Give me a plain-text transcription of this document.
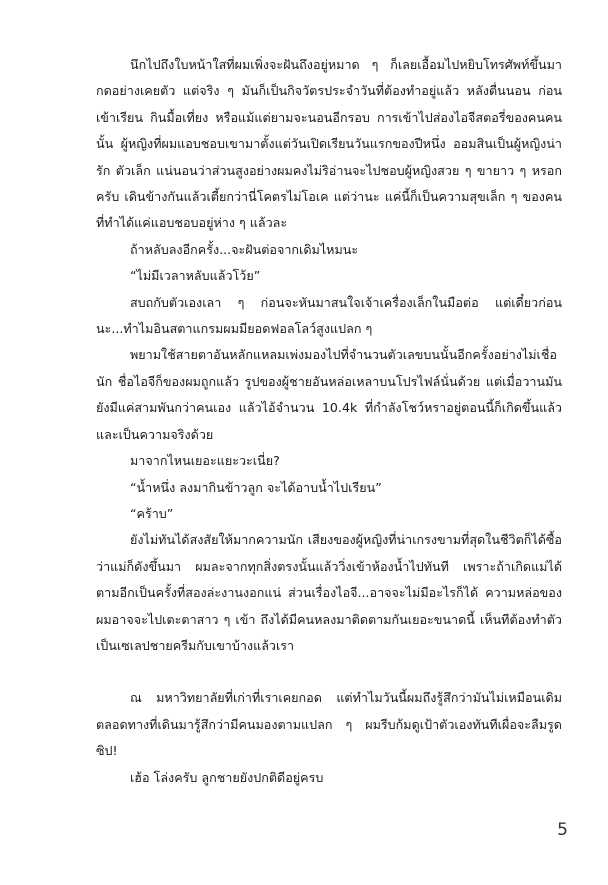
นึกไปถึงใบหน้าใสที่ผมเพิ่งจะฝันถึงอยู่หมาด ๆ ก็เลยเอื้อมไปหยิบโทรศัพท์ขึ้นมากดอย่างเคยตัว แต่จริง ๆ มันก็เป็นกิจวัตรประจำวันที่ต้องทำอยู่แล้ว หลังตื่นนอน ก่อนเข้าเรียน กินมื้อเที่ยง หรือแม้แต่ยามจะนอนอีกรอบ การเข้าไปส่องไอจีสตอรี่ของคนคนนั้น ผู้หญิงที่ผมแอบชอบเขามาตั้งแต่วันเปิดเรียนวันแรกของปีหนึ่ง ออมสินเป็นผู้หญิงน่ารัก ตัวเล็ก แน่นอนว่าส่วนสูงอย่างผมคงไม่ริอ่านจะไปชอบผู้หญิงสวย ๆ ขายาว ๆ หรอกครับ เดินข้างกันแล้วเตี้ยกว่านี่โคตรไม่โอเค แต่ว่านะ แค่นี้ก็เป็นความสุขเล็ก ๆ ของคนที่ทำได้แค่แอบชอบอยู่ห่าง ๆ แล้วละ

ถ้าหลับลงอีกครั้ง...จะฝันต่อจากเดิมไหมนะ

“ไม่มีเวลาหลับแล้วโว้ย”

สบถกับตัวเองเลา ๆ ก่อนจะหันมาสนใจเจ้าเครื่องเล็กในมือต่อ แต่เดี๋ยวก่อนนะ...ทำไมอินสตาแกรมผมมียอดฟอลโลว์สูงแปลก ๆ

พยามใช้สายตาอันหลักแหลมเพ่งมองไปที่จำนวนตัวเลขบนนั้นอีกครั้งอย่างไม่เชื่อนัก ชื่อไอจีก็ของผมถูกแล้ว รูปของผู้ชายอันหล่อเหลาบนโปรไฟล์นั่นด้วย แต่เมื่อวานมันยังมีแค่สามพันกว่าคนเอง แล้วไอ้จำนวน 10.4k ที่กำลังโชว์หราอยู่ตอนนี้ก็เกิดขึ้นแล้วและเป็นความจริงด้วย

มาจากไหนเยอะแยะวะเนี่ย?

“น้ำหนึ่ง ลงมากินข้าวลูก จะได้อาบน้ำไปเรียน”

“คร้าบ”

ยังไม่ทันได้สงสัยให้มากความนัก เสียงของผู้หญิงที่น่าเกรงขามที่สุดในชีวิตก็ได้ซื้อว่าแม่ก็ดังขึ้นมา ผมละจากทุกสิ่งตรงนั้นแล้ววิ่งเข้าห้องน้ำไปทันที เพราะถ้าเกิดแม่ได้ตามอีกเป็นครั้งที่สองล่ะงานงอกแน่ ส่วนเรื่องไอจี...อาจจะไม่มีอะไรก็ได้ ความหล่อของผมอาจจะไปเตะตาสาว ๆ เข้า ถึงได้มีคนหลงมาติดตามกันเยอะขนาดนี้ เห็นทีต้องทำตัวเป็นเซเลปชายครีมกับเขาบ้างแล้วเรา

ณ มหาวิทยาลัยที่เก่าที่เราเคยกอด แต่ทำไมวันนี้ผมถึงรู้สึกว่ามันไม่เหมือนเดิม ตลอดทางที่เดินมารู้สึกว่ามีคนมองตามแปลก ๆ ผมรีบก้มดูเป้าตัวเองทันทีเผื่อจะลืมรูดซิป!

เฮ้อ โล่งครับ ลูกชายยังปกติดีอยู่ครบ

5
